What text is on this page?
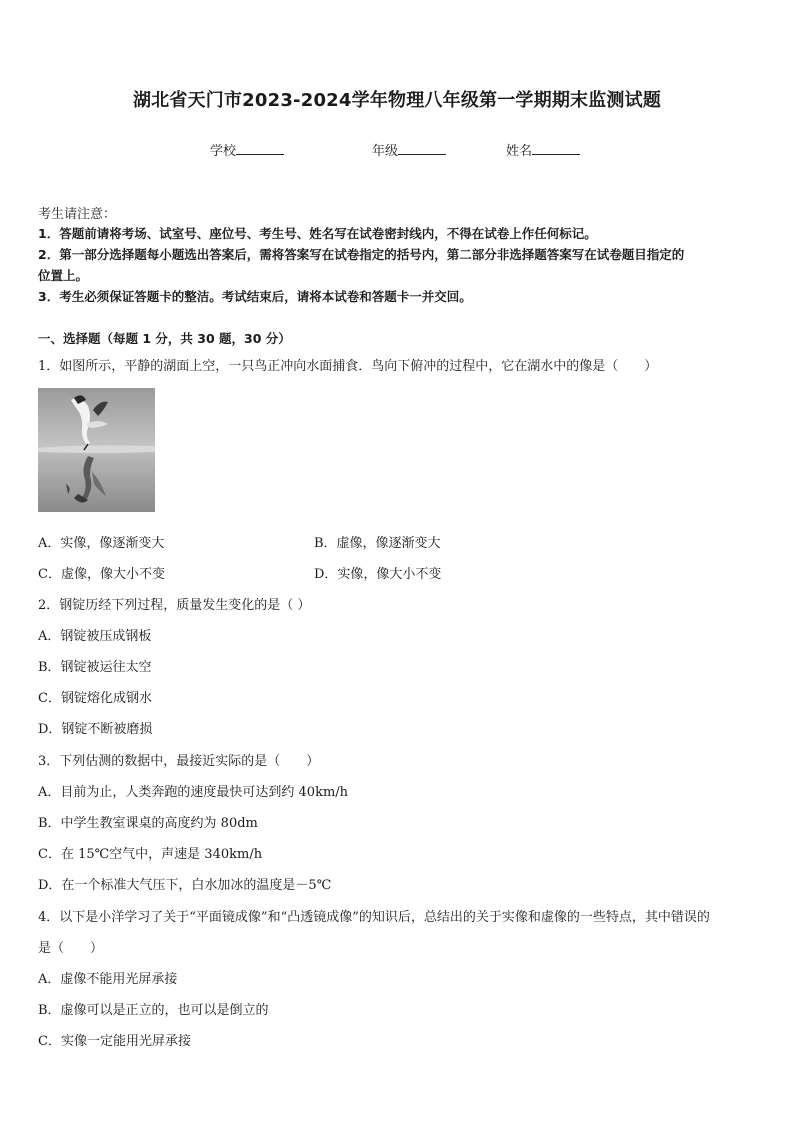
湖北省天门市2023-2024学年物理八年级第一学期期末监测试题
学校	年级	姓名
考生请注意：
1．答题前请将考场、试室号、座位号、考生号、姓名写在试卷密封线内，不得在试卷上作任何标记。
2．第一部分选择题每小题选出答案后，需将答案写在试卷指定的括号内，第二部分非选择题答案写在试卷题目指定的
位置上。
3．考生必须保证答题卡的整洁。考试结束后，请将本试卷和答题卡一并交回。
一、选择题（每题 1 分，共 30 题，30 分）
1．如图所示，平静的湖面上空，一只鸟正冲向水面捕食．鸟向下俯冲的过程中，它在湖水中的像是（　　）
A．实像，像逐渐变大	B．虚像，像逐渐变大
C．虚像，像大小不变	D．实像，像大小不变
2．钢锭历经下列过程，质量发生变化的是（ ）
A．钢锭被压成钢板
B．钢锭被运往太空
C．钢锭熔化成钢水
D．钢锭不断被磨损
3．下列估测的数据中，最接近实际的是（　　）
A．目前为止，人类奔跑的速度最快可达到约 40km/h
B．中学生教室课桌的高度约为 80dm
C．在 15℃空气中，声速是 340km/h
D．在一个标准大气压下，白水加冰的温度是－5℃
4．以下是小洋学习了关于“平面镜成像”和“凸透镜成像”的知识后，总结出的关于实像和虚像的一些特点，其中错误的
是（　　）
A．虚像不能用光屏承接
B．虚像可以是正立的，也可以是倒立的
C．实像一定能用光屏承接
